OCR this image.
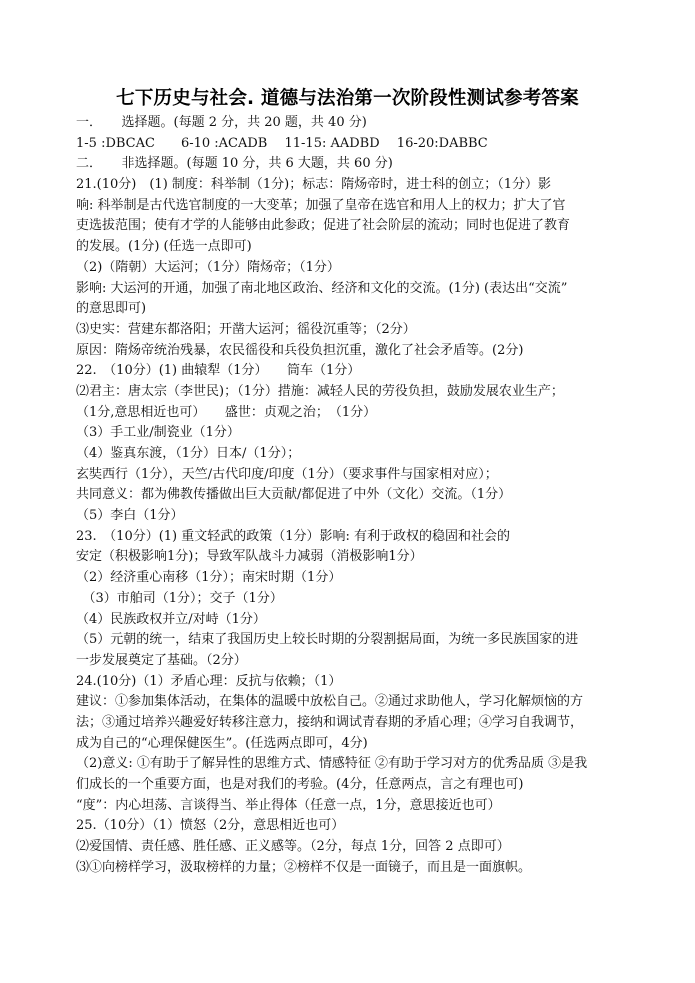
七下历史与社会. 道德与法治第一次阶段性测试参考答案
一．　　选择题。(每题 2 分，共 20 题，共 40 分)
1-5 :DBCAC　　6-10 :ACADB　 11-15: AADBD　 16-20:DABBC
二．　　非选择题。(每题 10 分，共 6 大题，共 60 分)
21.(10分)　(1) 制度：科举制（1分)；标志：隋炀帝时，进士科的创立；（1分）影
响: 科举制是古代选官制度的一大变革；加强了皇帝在选官和用人上的权力；扩大了官
吏选拔范围；使有才学的人能够由此参政；促进了社会阶层的流动；同时也促进了教育
的发展。(1分) (任选一点即可)
（2)（隋朝）大运河；（1分）隋炀帝；（1分）
影响: 大运河的开通，加强了南北地区政治、经济和文化的交流。(1分) (表达出“交流”
的意思即可)
⑶史实：营建东都洛阳；开凿大运河；徭役沉重等；（2分）
原因：隋炀帝统治残暴，农民徭役和兵役负担沉重，激化了社会矛盾等。(2分)
22.　（10分）(1) 曲辕犁（1分）　　筒车（1分）
⑵君主：唐太宗（李世民)；（1分）措施：减轻人民的劳役负担，鼓励发展农业生产；
（1分,意思相近也可）　　盛世：贞观之治；　（1分）
（3）手工业/制瓷业（1分）
（4）鉴真东渡，（1分）日本/（1分）；
玄奘西行（1分），天竺/古代印度/印度（1分）（要求事件与国家相对应）；
共同意义：都为佛教传播做出巨大贡献/都促进了中外（文化）交流。（1分）
（5）李白（1分）
23.　（10分）(1) 重文轻武的政策（1分）影响: 有利于政权的稳固和社会的
安定（积极影响1分)；导致军队战斗力减弱（消极影响1分）
（2）经济重心南移（1分）；南宋时期（1分）
　（3）市舶司（1分）；交子（1分）
（4）民族政权并立/对峙（1分）
（5）元朝的统一，结束了我国历史上较长时期的分裂割据局面，为统一多民族国家的进
一步发展奠定了基础。（2分）
24.(10分)（1）矛盾心理：反抗与依赖；（1）
建议：①参加集体活动，在集体的温暖中放松自己。②通过求助他人，学习化解烦恼的方
法；③通过培养兴趣爱好转移注意力，接纳和调试青春期的矛盾心理；④学习自我调节，
成为自己的“心理保健医生”。(任选两点即可，4分)
（2)意义: ①有助于了解异性的思维方式、情感特征 ②有助于学习对方的优秀品质 ③是我
们成长的一个重要方面，也是对我们的考验。(4分，任意两点，言之有理也可)
“度”：内心坦荡、言谈得当、举止得体（任意一点，1分，意思接近也可）
25.（10分）（1）愤怒（2分，意思相近也可）
⑵爱国情、责任感、胜任感、正义感等。（2分，每点 1分，回答 2 点即可）
⑶①向榜样学习，汲取榜样的力量；②榜样不仅是一面镜子，而且是一面旗帜。
